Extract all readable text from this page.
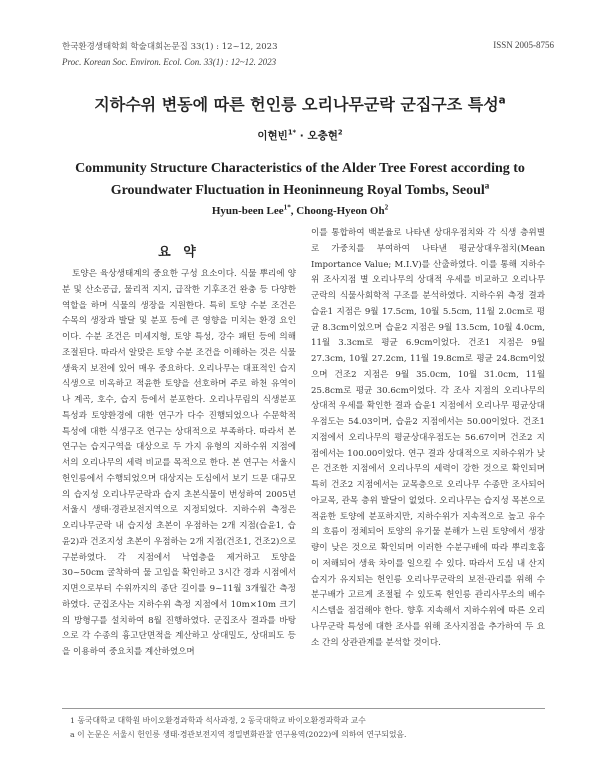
한국환경생태학회 학술대회논문집 33(1) : 12~12, 2023
Proc. Korean Soc. Environ. Ecol. Con. 33(1) : 12~12. 2023
ISSN 2005-8756
지하수위 변동에 따른 헌인릉 오리나무군락 군집구조 특성$^a$
이현빈$^{1*}$ · 오충현$^2$
Community Structure Characteristics of the Alder Tree Forest according to Groundwater Fluctuation in Heoninneung Royal Tombs, Seoul$^a$
Hyun-been Lee$^{1*}$, Choong-Hyeon Oh$^2$
요 약

토양은 육상생태계의 중요한 구성 요소이다. 식물 뿌리에 양분 및 산소공급, 물리적 지지, 급작한 기후조건 완충 등 다양한 역할을 하며 식물의 생장을 지원한다. 특히 토양 수분 조건은 수목의 생장과 발달 및 분포 등에 큰 영향을 미치는 환경 요인이다. 수분 조건은 미세지형, 토양 특성, 강수 패턴 등에 의해 조절된다. 따라서 알맞은 토양 수분 조건을 이해하는 것은 식물 생육지 보전에 있어 매우 중요하다. 오리나무는 대표적인 습지식생으로 비옥하고 적윤한 토양을 선호하며 주로 하천 유역이나 계곡, 호수, 습지 등에서 분포한다. 오리나무림의 식생분포 특성과 토양환경에 대한 연구가 다수 진행되었으나 수문학적 특성에 대한 식생구조 연구는 상대적으로 부족하다. 따라서 본 연구는 습지구역을 대상으로 두 가지 유형의 지하수위 지점에서의 오리나무의 세력 비교를 목적으로 한다. 본 연구는 서울시 헌인릉에서 수행되었으며 대상지는 도심에서 보기 드문 대규모의 습지성 오리나무군락과 습지 초본식물이 번성하여 2005년 서울시 생태·경관보전지역으로 지정되었다. 지하수위 측정은 오리나무군락 내 습지성 초본이 우점하는 2개 지점(습윤1, 습윤2)과 건조지성 초본이 우점하는 2개 지점(건조1, 건조2)으로 구분하였다. 각 지점에서 낙엽층을 제거하고 토양을 30~50cm 굴착하여 물 고임을 확인하고 3시간 경과 시점에서 지면으로부터 수위까지의 종단 길이를 9~11월 3개월간 측정하였다. 군집조사는 지하수위 측정 지점에서 10m×10m 크기의 방형구를 설치하여 8월 진행하였다. 군집조사 결과를 바탕으로 각 수종의 흉고단면적을 계산하고 상대밀도, 상대피도 등을 이용하여 중요치를 계산하였으며

이를 통합하여 백분율로 나타낸 상대우점치와 각 식생 층위별로 가중치를 부여하여 나타낸 평균상대우점치(Mean Importance Value; M.I.V)를 산출하였다. 이를 통해 지하수위 조사지점 별 오리나무의 상대적 우세를 비교하고 오리나무군락의 식물사회학적 구조를 분석하였다. 지하수위 측정 결과 습윤1 지점은 9월 17.5cm, 10월 5.5cm, 11월 2.0cm로 평균 8.3cm이었으며 습윤2 지점은 9월 13.5cm, 10월 4.0cm, 11월 3.3cm로 평균 6.9cm이었다. 건조1 지점은 9월 27.3cm, 10월 27.2cm, 11월 19.8cm로 평균 24.8cm이었으며 건조2 지점은 9월 35.0cm, 10월 31.0cm, 11월 25.8cm로 평균 30.6cm이었다. 각 조사 지점의 오리나무의 상대적 우세를 확인한 결과 습윤1 지점에서 오리나무 평균상대우점도는 54.03이며, 습윤2 지점에서는 50.00이었다. 건조1 지점에서 오리나무의 평균상대우점도는 56.67이며 건조2 지점에서는 100.00이었다. 연구 결과 상대적으로 지하수위가 낮은 건조한 지점에서 오리나무의 세력이 강한 것으로 확인되며 특히 건조2 지점에서는 교목층으로 오리나무 수종만 조사되어 아교목, 관목 층위 발달이 없었다. 오리나무는 습지성 목본으로 적윤한 토양에 분포하지만, 지하수위가 지속적으로 높고 유수의 흐름이 정체되어 토양의 유기물 분해가 느린 토양에서 생장량이 낮은 것으로 확인되며 이러한 수분구배에 따라 뿌리호흡이 저해되어 생육 차이를 일으킬 수 있다. 따라서 도심 내 산지습지가 유지되는 헌인릉 오리나무군락의 보전·관리를 위해 수분구배가 고르게 조절될 수 있도록 헌인릉 관리사무소의 배수시스템을 점검해야 한다. 향후 지속해서 지하수위에 따른 오리나무군락 특성에 대한 조사를 위해 조사지점을 추가하여 두 요소 간의 상관관계를 분석할 것이다.

1 동국대학교 대학원 바이오환경과학과 석사과정, 2 동국대학교 바이오환경과학과 교수
a 이 논문은 서울시 헌인릉 생태·경관보전지역 정밀변화관찰 연구용역(2022)에 의하여 연구되었음.
